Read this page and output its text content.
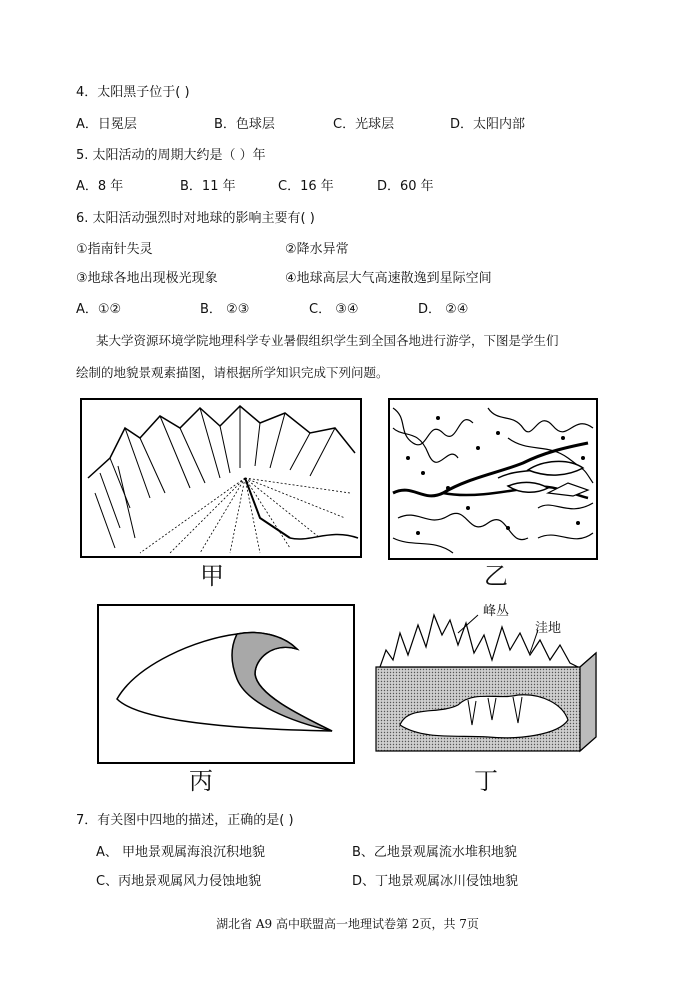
4．太阳黑子位于( )
A．日冕层	B．色球层	C．光球层	D．太阳内部
5. 太阳活动的周期大约是（ ）年
A．8 年	B．11 年	C．16 年	D．60 年
6. 太阳活动强烈时对地球的影响主要有( )
①指南针失灵	②降水异常
③地球各地出现极光现象	④地球高层大气高速散逸到星际空间
A．①②	B． ②③	C． ③④	D． ②④
某大学资源环境学院地理科学专业暑假组织学生到全国各地进行游学，下图是学生们
绘制的地貌景观素描图，请根据所学知识完成下列问题。
甲	乙
丙
峰丛
洼地
丁
7．有关图中四地的描述，正确的是( )
A、 甲地景观属海浪沉积地貌	B、乙地景观属流水堆积地貌
C、丙地景观属风力侵蚀地貌	D、丁地景观属冰川侵蚀地貌
湖北省 A9 高中联盟高一地理试卷第 2页，共 7页
